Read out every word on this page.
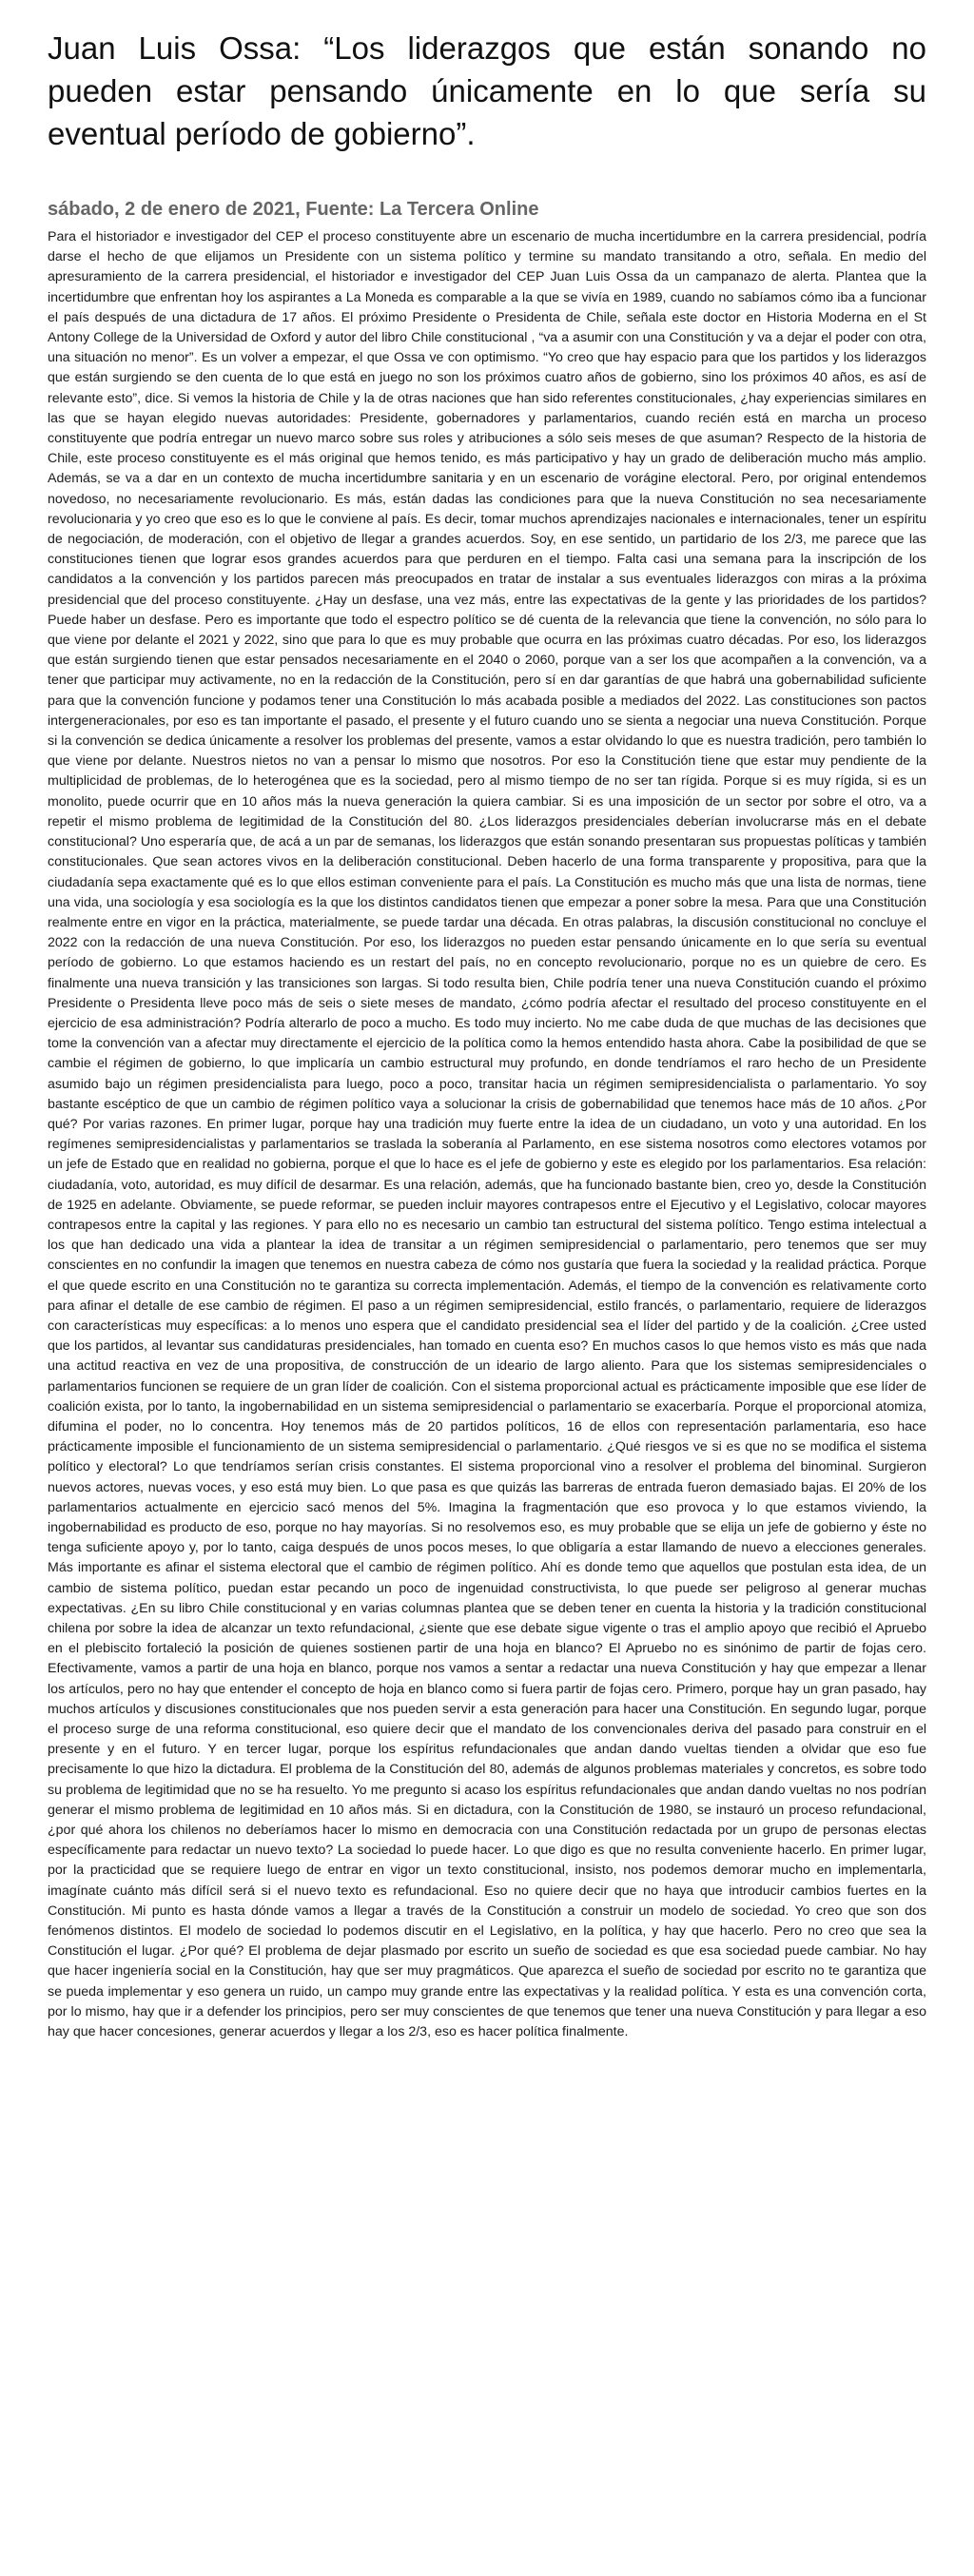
Juan Luis Ossa: “Los liderazgos que están sonando no pueden estar pensando únicamente en lo que sería su eventual período de gobierno”.
sábado, 2 de enero de 2021, Fuente: La Tercera Online

Para el historiador e investigador del CEP el proceso constituyente abre un escenario de mucha incertidumbre en la carrera presidencial, podría darse el hecho de que elijamos un Presidente con un sistema político y termine su mandato transitando a otro, señala. En medio del apresuramiento de la carrera presidencial, el historiador e investigador del CEP Juan Luis Ossa da un campanazo de alerta. Plantea que la incertidumbre que enfrentan hoy los aspirantes a La Moneda es comparable a la que se vivía en 1989, cuando no sabíamos cómo iba a funcionar el país después de una dictadura de 17 años. El próximo Presidente o Presidenta de Chile, señala este doctor en Historia Moderna en el St Antony College de la Universidad de Oxford y autor del libro Chile constitucional , “va a asumir con una Constitución y va a dejar el poder con otra, una situación no menor”. Es un volver a empezar, el que Ossa ve con optimismo. “Yo creo que hay espacio para que los partidos y los liderazgos que están surgiendo se den cuenta de lo que está en juego no son los próximos cuatro años de gobierno, sino los próximos 40 años, es así de relevante esto”, dice. Si vemos la historia de Chile y la de otras naciones que han sido referentes constitucionales, ¿hay experiencias similares en las que se hayan elegido nuevas autoridades: Presidente, gobernadores y parlamentarios, cuando recién está en marcha un proceso constituyente que podría entregar un nuevo marco sobre sus roles y atribuciones a sólo seis meses de que asuman? Respecto de la historia de Chile, este proceso constituyente es el más original que hemos tenido, es más participativo y hay un grado de deliberación mucho más amplio. Además, se va a dar en un contexto de mucha incertidumbre sanitaria y en un escenario de vorágine electoral. Pero, por original entendemos novedoso, no necesariamente revolucionario. Es más, están dadas las condiciones para que la nueva Constitución no sea necesariamente revolucionaria y yo creo que eso es lo que le conviene al país. Es decir, tomar muchos aprendizajes nacionales e internacionales, tener un espíritu de negociación, de moderación, con el objetivo de llegar a grandes acuerdos. Soy, en ese sentido, un partidario de los 2/3, me parece que las constituciones tienen que lograr esos grandes acuerdos para que perduren en el tiempo. Falta casi una semana para la inscripción de los candidatos a la convención y los partidos parecen más preocupados en tratar de instalar a sus eventuales liderazgos con miras a la próxima presidencial que del proceso constituyente. ¿Hay un desfase, una vez más, entre las expectativas de la gente y las prioridades de los partidos? Puede haber un desfase. Pero es importante que todo el espectro político se dé cuenta de la relevancia que tiene la convención, no sólo para lo que viene por delante el 2021 y 2022, sino que para lo que es muy probable que ocurra en las próximas cuatro décadas. Por eso, los liderazgos que están surgiendo tienen que estar pensados necesariamente en el 2040 o 2060, porque van a ser los que acompañen a la convención, va a tener que participar muy activamente, no en la redacción de la Constitución, pero sí en dar garantías de que habrá una gobernabilidad suficiente para que la convención funcione y podamos tener una Constitución lo más acabada posible a mediados del 2022. Las constituciones son pactos intergeneracionales, por eso es tan importante el pasado, el presente y el futuro cuando uno se sienta a negociar una nueva Constitución. Porque si la convención se dedica únicamente a resolver los problemas del presente, vamos a estar olvidando lo que es nuestra tradición, pero también lo que viene por delante. Nuestros nietos no van a pensar lo mismo que nosotros. Por eso la Constitución tiene que estar muy pendiente de la multiplicidad de problemas, de lo heterogénea que es la sociedad, pero al mismo tiempo de no ser tan rígida. Porque si es muy rígida, si es un monolito, puede ocurrir que en 10 años más la nueva generación la quiera cambiar. Si es una imposición de un sector por sobre el otro, va a repetir el mismo problema de legitimidad de la Constitución del 80. ¿Los liderazgos presidenciales deberían involucrarse más en el debate constitucional? Uno esperaría que, de acá a un par de semanas, los liderazgos que están sonando presentaran sus propuestas políticas y también constitucionales. Que sean actores vivos en la deliberación constitucional. Deben hacerlo de una forma transparente y propositiva, para que la ciudadanía sepa exactamente qué es lo que ellos estiman conveniente para el país. La Constitución es mucho más que una lista de normas, tiene una vida, una sociología y esa sociología es la que los distintos candidatos tienen que empezar a poner sobre la mesa. Para que una Constitución realmente entre en vigor en la práctica, materialmente, se puede tardar una década. En otras palabras, la discusión constitucional no concluye el 2022 con la redacción de una nueva Constitución. Por eso, los liderazgos no pueden estar pensando únicamente en lo que sería su eventual período de gobierno. Lo que estamos haciendo es un restart del país, no en concepto revolucionario, porque no es un quiebre de cero. Es finalmente una nueva transición y las transiciones son largas. Si todo resulta bien, Chile podría tener una nueva Constitución cuando el próximo Presidente o Presidenta lleve poco más de seis o siete meses de mandato, ¿cómo podría afectar el resultado del proceso constituyente en el ejercicio de esa administración? Podría alterarlo de poco a mucho. Es todo muy incierto. No me cabe duda de que muchas de las decisiones que tome la convención van a afectar muy directamente el ejercicio de la política como la hemos entendido hasta ahora. Cabe la posibilidad de que se cambie el régimen de gobierno, lo que implicaría un cambio estructural muy profundo, en donde tendríamos el raro hecho de un Presidente asumido bajo un régimen presidencialista para luego, poco a poco, transitar hacia un régimen semipresidencialista o parlamentario. Yo soy bastante escéptico de que un cambio de régimen político vaya a solucionar la crisis de gobernabilidad que tenemos hace más de 10 años. ¿Por qué? Por varias razones. En primer lugar, porque hay una tradición muy fuerte entre la idea de un ciudadano, un voto y una autoridad. En los regímenes semipresidencialistas y parlamentarios se traslada la soberanía al Parlamento, en ese sistema nosotros como electores votamos por un jefe de Estado que en realidad no gobierna, porque el que lo hace es el jefe de gobierno y este es elegido por los parlamentarios. Esa relación: ciudadanía, voto, autoridad, es muy difícil de desarmar. Es una relación, además, que ha funcionado bastante bien, creo yo, desde la Constitución de 1925 en adelante. Obviamente, se puede reformar, se pueden incluir mayores contrapesos entre el Ejecutivo y el Legislativo, colocar mayores contrapesos entre la capital y las regiones. Y para ello no es necesario un cambio tan estructural del sistema político. Tengo estima intelectual a los que han dedicado una vida a plantear la idea de transitar a un régimen semipresidencial o parlamentario, pero tenemos que ser muy conscientes en no confundir la imagen que tenemos en nuestra cabeza de cómo nos gustaría que fuera la sociedad y la realidad práctica. Porque el que quede escrito en una Constitución no te garantiza su correcta implementación. Además, el tiempo de la convención es relativamente corto para afinar el detalle de ese cambio de régimen. El paso a un régimen semipresidencial, estilo francés, o parlamentario, requiere de liderazgos con características muy específicas: a lo menos uno espera que el candidato presidencial sea el líder del partido y de la coalición. ¿Cree usted que los partidos, al levantar sus candidaturas presidenciales, han tomado en cuenta eso? En muchos casos lo que hemos visto es más que nada una actitud reactiva en vez de una propositiva, de construcción de un ideario de largo aliento. Para que los sistemas semipresidenciales o parlamentarios funcionen se requiere de un gran líder de coalición. Con el sistema proporcional actual es prácticamente imposible que ese líder de coalición exista, por lo tanto, la ingobernabilidad en un sistema semipresidencial o parlamentario se exacerbaría. Porque el proporcional atomiza, difumina el poder, no lo concentra. Hoy tenemos más de 20 partidos políticos, 16 de ellos con representación parlamentaria, eso hace prácticamente imposible el funcionamiento de un sistema semipresidencial o parlamentario. ¿Qué riesgos ve si es que no se modifica el sistema político y electoral? Lo que tendríamos serían crisis constantes. El sistema proporcional vino a resolver el problema del binominal. Surgieron nuevos actores, nuevas voces, y eso está muy bien. Lo que pasa es que quizás las barreras de entrada fueron demasiado bajas. El 20% de los parlamentarios actualmente en ejercicio sacó menos del 5%. Imagina la fragmentación que eso provoca y lo que estamos viviendo, la ingobernabilidad es producto de eso, porque no hay mayorías. Si no resolvemos eso, es muy probable que se elija un jefe de gobierno y éste no tenga suficiente apoyo y, por lo tanto, caiga después de unos pocos meses, lo que obligaría a estar llamando de nuevo a elecciones generales. Más importante es afinar el sistema electoral que el cambio de régimen político. Ahí es donde temo que aquellos que postulan esta idea, de un cambio de sistema político, puedan estar pecando un poco de ingenuidad constructivista, lo que puede ser peligroso al generar muchas expectativas. ¿En su libro Chile constitucional y en varias columnas plantea que se deben tener en cuenta la historia y la tradición constitucional chilena por sobre la idea de alcanzar un texto refundacional, ¿siente que ese debate sigue vigente o tras el amplio apoyo que recibió el Apruebo en el plebiscito fortaleció la posición de quienes sostienen partir de una hoja en blanco? El Apruebo no es sinónimo de partir de fojas cero. Efectivamente, vamos a partir de una hoja en blanco, porque nos vamos a sentar a redactar una nueva Constitución y hay que empezar a llenar los artículos, pero no hay que entender el concepto de hoja en blanco como si fuera partir de fojas cero. Primero, porque hay un gran pasado, hay muchos artículos y discusiones constitucionales que nos pueden servir a esta generación para hacer una Constitución. En segundo lugar, porque el proceso surge de una reforma constitucional, eso quiere decir que el mandato de los convencionales deriva del pasado para construir en el presente y en el futuro. Y en tercer lugar, porque los espíritus refundacionales que andan dando vueltas tienden a olvidar que eso fue precisamente lo que hizo la dictadura. El problema de la Constitución del 80, además de algunos problemas materiales y concretos, es sobre todo su problema de legitimidad que no se ha resuelto. Yo me pregunto si acaso los espíritus refundacionales que andan dando vueltas no nos podrían generar el mismo problema de legitimidad en 10 años más. Si en dictadura, con la Constitución de 1980, se instauró un proceso refundacional, ¿por qué ahora los chilenos no deberíamos hacer lo mismo en democracia con una Constitución redactada por un grupo de personas electas específicamente para redactar un nuevo texto? La sociedad lo puede hacer. Lo que digo es que no resulta conveniente hacerlo. En primer lugar, por la practicidad que se requiere luego de entrar en vigor un texto constitucional, insisto, nos podemos demorar mucho en implementarla, imagínate cuánto más difícil será si el nuevo texto es refundacional. Eso no quiere decir que no haya que introducir cambios fuertes en la Constitución. Mi punto es hasta dónde vamos a llegar a través de la Constitución a construir un modelo de sociedad. Yo creo que son dos fenómenos distintos. El modelo de sociedad lo podemos discutir en el Legislativo, en la política, y hay que hacerlo. Pero no creo que sea la Constitución el lugar. ¿Por qué? El problema de dejar plasmado por escrito un sueño de sociedad es que esa sociedad puede cambiar. No hay que hacer ingeniería social en la Constitución, hay que ser muy pragmáticos. Que aparezca el sueño de sociedad por escrito no te garantiza que se pueda implementar y eso genera un ruido, un campo muy grande entre las expectativas y la realidad política. Y esta es una convención corta, por lo mismo, hay que ir a defender los principios, pero ser muy conscientes de que tenemos que tener una nueva Constitución y para llegar a eso hay que hacer concesiones, generar acuerdos y llegar a los 2/3, eso es hacer política finalmente.
